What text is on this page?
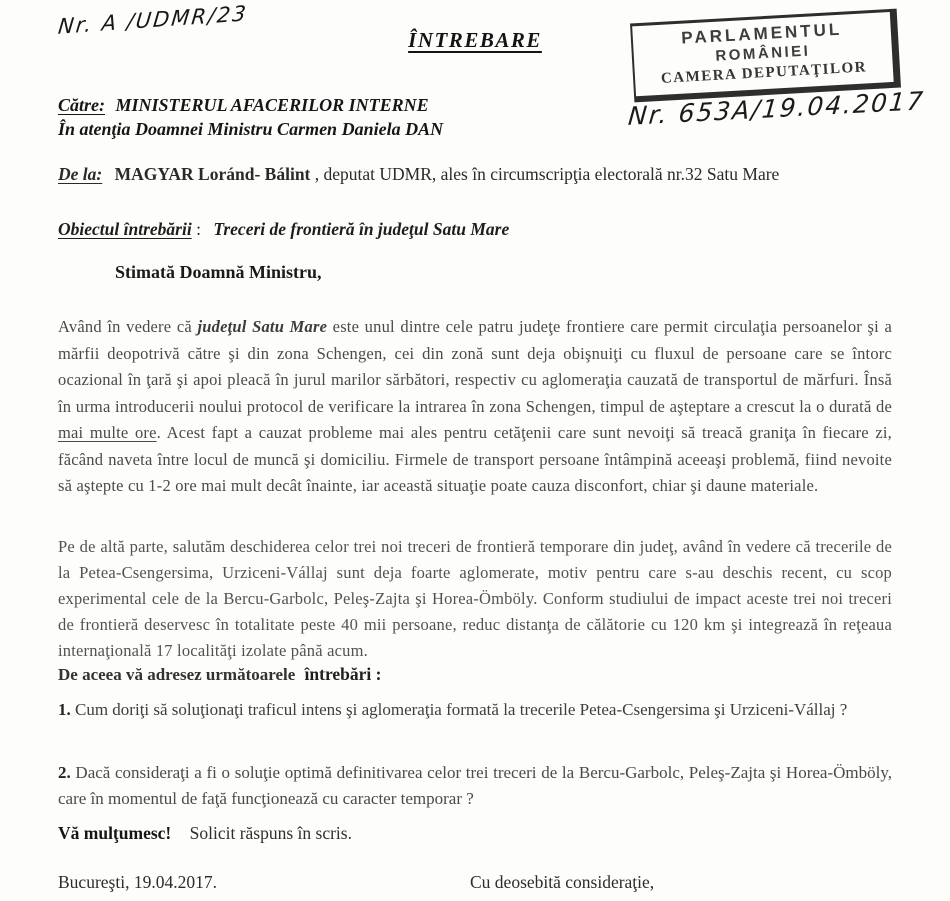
Nr. A /UDMR/23
ÎNTREBARE	PARLAMENTUL
ROMÂNIEI
CAMERA DEPUTAŢILOR
Nr. 653A/19.04.2017
Către: MINISTERUL AFACERILOR INTERNE
În atenţia Doamnei Ministru Carmen Daniela DAN
De la: MAGYAR Loránd- Bálint , deputat UDMR, ales în circumscripţia electorală nr.32 Satu Mare
Obiectul întrebării : Treceri de frontieră în judeţul Satu Mare
Stimată Doamnă Ministru,
Având în vedere că judeţul Satu Mare este unul dintre cele patru judeţe frontiere care permit circulaţia persoanelor şi a mărfii deopotrivă către şi din zona Schengen, cei din zonă sunt deja obişnuiţi cu fluxul de persoane care se întorc ocazional în ţară şi apoi pleacă în jurul marilor sărbători, respectiv cu aglomeraţia cauzată de transportul de mărfuri. Însă în urma introducerii noului protocol de verificare la intrarea în zona Schengen, timpul de aşteptare a crescut la o durată de mai multe ore. Acest fapt a cauzat probleme mai ales pentru cetăţenii care sunt nevoiţi să treacă graniţa în fiecare zi, făcând naveta între locul de muncă şi domiciliu. Firmele de transport persoane întâmpină aceeaşi problemă, fiind nevoite să aştepte cu 1-2 ore mai mult decât înainte, iar această situaţie poate cauza disconfort, chiar şi daune materiale.
Pe de altă parte, salutăm deschiderea celor trei noi treceri de frontieră temporare din judeţ, având în vedere că trecerile de la Petea-Csengersima, Urziceni-Vállaj sunt deja foarte aglomerate, motiv pentru care s-au deschis recent, cu scop experimental cele de la Bercu-Garbolc, Peleş-Zajta şi Horea-Ömböly. Conform studiului de impact aceste trei noi treceri de frontieră deservesc în totalitate peste 40 mii persoane, reduc distanţa de călătorie cu 120 km şi integrează în reţeaua internaţională 17 localităţi izolate până acum.
De aceea vă adresez următoarele întrebări :
1. Cum doriţi să soluţionaţi traficul intens şi aglomeraţia formată la trecerile Petea-Csengersima şi Urziceni-Vállaj ?
2. Dacă consideraţi a fi o soluţie optimă definitivarea celor trei treceri de la Bercu-Garbolc, Peleş-Zajta şi Horea-Ömböly, care în momentul de faţă funcţionează cu caracter temporar ?
Vă mulţumesc! Solicit răspuns în scris.
Bucureşti, 19.04.2017.	Cu deosebită consideraţie,
